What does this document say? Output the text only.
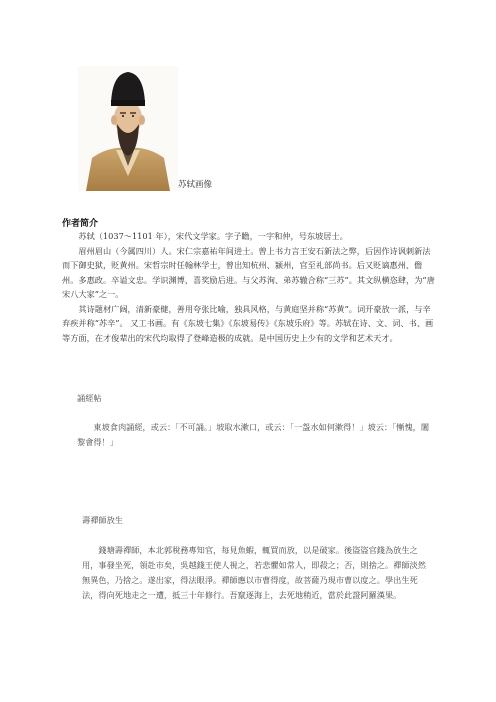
苏轼画像
作者简介

苏轼（1037～1101 年），宋代文学家。字子瞻，一字和仲，号东坡居士。

眉州眉山（今属四川）人。宋仁宗嘉祐年间进士。曾上书力言王安石新法之弊，后因作诗讽刺新法而下御史狱，贬黄州。宋哲宗时任翰林学士，曾出知杭州、颍州，官至礼部尚书。后又贬谪惠州、儋州。多惠政。卒谥文忠。学识渊博，喜奖励后进。与父苏洵、弟苏辙合称“三苏”。其文纵横恣肆，为“唐宋八大家”之一。

其诗题材广阔，清新豪健，善用夸张比喻，独具风格，与黄庭坚并称“苏黄”。词开豪放一派，与辛弃疾并称“苏辛”。 又工书画。有《东坡七集》《东坡易传》《东坡乐府》等。苏轼在诗、文、词、书、画等方面，在才俊辈出的宋代均取得了登峰造极的成就。是中国历史上少有的文学和艺术天才。

誦經帖

東坡食肉誦經，或云：「不可誦。」坡取水漱口，或云：「一盌水如何漱得！」坡云：「慚愧，闍黎會得！」

壽禪師放生

錢塘壽禪師，本北郭稅務專知官，每見魚蝦，輒買而放，以是破家。後盜盜官錢為放生之用，事發坐死，領赴市矣，吳越錢王使人視之，若悲懼如常人，即殺之；否，則捨之。禪師淡然無異色，乃捨之。遂出家，得法眼淨。禪師應以市曹得度，故菩薩乃現市曹以度之。學出生死法，得向死地走之一遭，抵三十年修行。吾竄逐海上，去死地稍近，當於此證阿羅漢果。
